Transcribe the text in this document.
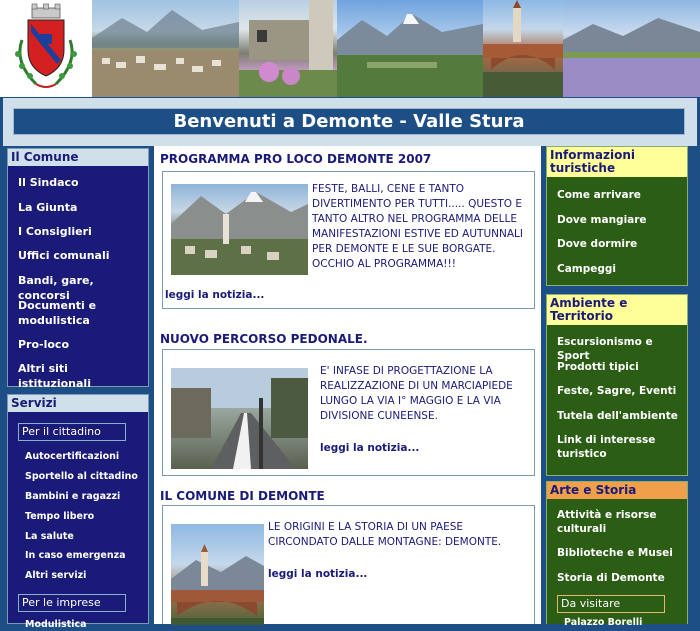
Benvenuti a Demonte - Valle Stura
Il Comune
Il Sindaco
La Giunta
I Consiglieri
Uffici comunali
Bandi, gare, concorsi
Documenti e modulistica
Pro-loco
Altri siti istituzionali
Servizi
Per il cittadino
Autocertificazioni
Sportello al cittadino
Bambini e ragazzi
Tempo libero
La salute
In caso emergenza
Altri servizi
Per le imprese
Modulistica
PROGRAMMA PRO LOCO DEMONTE 2007
FESTE, BALLI, CENE E TANTO DIVERTIMENTO PER TUTTI..... QUESTO E TANTO ALTRO NEL PROGRAMMA DELLE MANIFESTAZIONI ESTIVE ED AUTUNNALI PER DEMONTE E LE SUE BORGATE. OCCHIO AL PROGRAMMA!!!
leggi la notizia...
NUOVO PERCORSO PEDONALE.
E' INFASE DI PROGETTAZIONE LA REALIZZAZIONE DI UN MARCIAPIEDE LUNGO LA VIA I° MAGGIO E LA VIA DIVISIONE CUNEENSE.
leggi la notizia...
IL COMUNE DI DEMONTE
LE ORIGINI E LA STORIA DI UN PAESE CIRCONDATO DALLE MONTAGNE: DEMONTE.
leggi la notizia...
Informazioni turistiche
Come arrivare
Dove mangiare
Dove dormire
Campeggi
Ambiente e Territorio
Escursionismo e Sport
Prodotti tipici
Feste, Sagre, Eventi
Tutela dell'ambiente
Link di interesse turistico
Arte e Storia
Attività e risorse culturali
Biblioteche e Musei
Storia di Demonte
Da visitare
Palazzo Borelli
